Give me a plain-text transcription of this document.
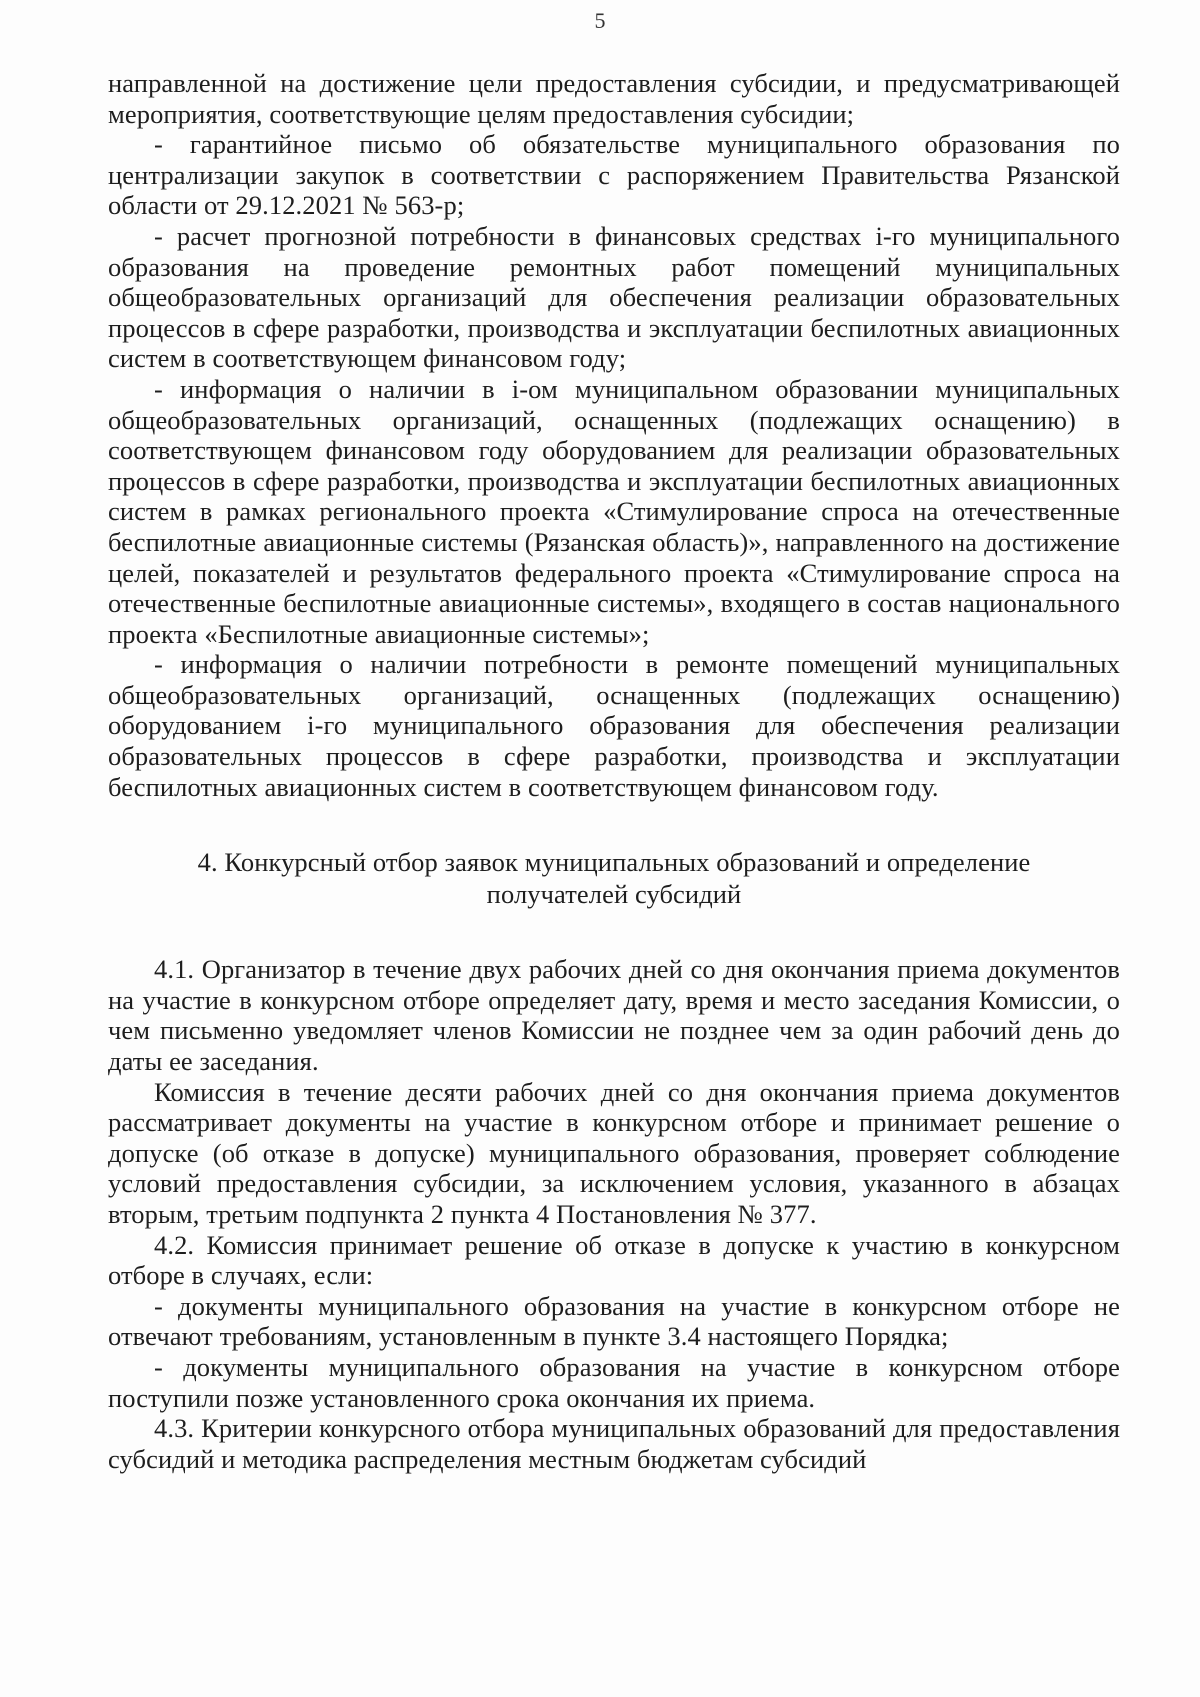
5

направленной на достижение цели предоставления субсидии, и предусматривающей мероприятия, соответствующие целям предоставления субсидии;

- гарантийное письмо об обязательстве муниципального образования по централизации закупок в соответствии с распоряжением Правительства Рязанской области от 29.12.2021 № 563-р;

- расчет прогнозной потребности в финансовых средствах i-го муниципального образования на проведение ремонтных работ помещений муниципальных общеобразовательных организаций для обеспечения реализации образовательных процессов в сфере разработки, производства и эксплуатации беспилотных авиационных систем в соответствующем финансовом году;

- информация о наличии в i-ом муниципальном образовании муниципальных общеобразовательных организаций, оснащенных (подлежащих оснащению) в соответствующем финансовом году оборудованием для реализации образовательных процессов в сфере разработки, производства и эксплуатации беспилотных авиационных систем в рамках регионального проекта «Стимулирование спроса на отечественные беспилотные авиационные системы (Рязанская область)», направленного на достижение целей, показателей и результатов федерального проекта «Стимулирование спроса на отечественные беспилотные авиационные системы», входящего в состав национального проекта «Беспилотные авиационные системы»;

- информация о наличии потребности в ремонте помещений муниципальных общеобразовательных организаций, оснащенных (подлежащих оснащению) оборудованием i-го муниципального образования для обеспечения реализации образовательных процессов в сфере разработки, производства и эксплуатации беспилотных авиационных систем в соответствующем финансовом году.

4. Конкурсный отбор заявок муниципальных образований и определение получателей субсидий

4.1. Организатор в течение двух рабочих дней со дня окончания приема документов на участие в конкурсном отборе определяет дату, время и место заседания Комиссии, о чем письменно уведомляет членов Комиссии не позднее чем за один рабочий день до даты ее заседания.

Комиссия в течение десяти рабочих дней со дня окончания приема документов рассматривает документы на участие в конкурсном отборе и принимает решение о допуске (об отказе в допуске) муниципального образования, проверяет соблюдение условий предоставления субсидии, за исключением условия, указанного в абзацах вторым, третьим подпункта 2 пункта 4 Постановления № 377.

4.2. Комиссия принимает решение об отказе в допуске к участию в конкурсном отборе в случаях, если:

- документы муниципального образования на участие в конкурсном отборе не отвечают требованиям, установленным в пункте 3.4 настоящего Порядка;

- документы муниципального образования на участие в конкурсном отборе поступили позже установленного срока окончания их приема.

4.3. Критерии конкурсного отбора муниципальных образований для предоставления субсидий и методика распределения местным бюджетам субсидий
